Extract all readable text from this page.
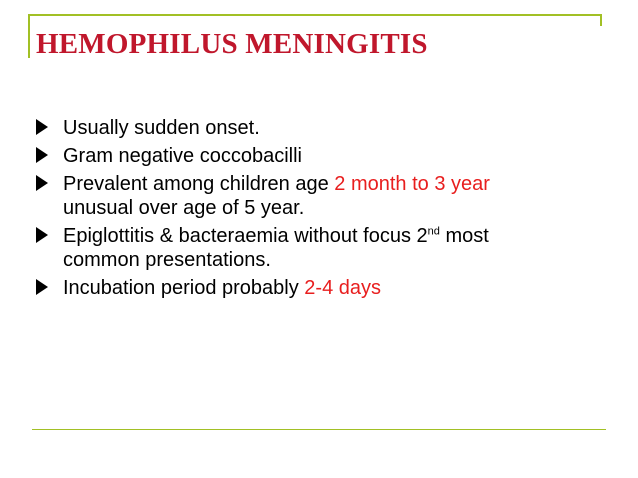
HEMOPHILUS MENINGITIS
Usually sudden onset.
Gram negative coccobacilli
Prevalent among children age 2 month to 3 year
unusual over age of 5 year.
Epiglottitis & bacteraemia without focus 2nd most
common presentations.
Incubation period probably 2-4 days
